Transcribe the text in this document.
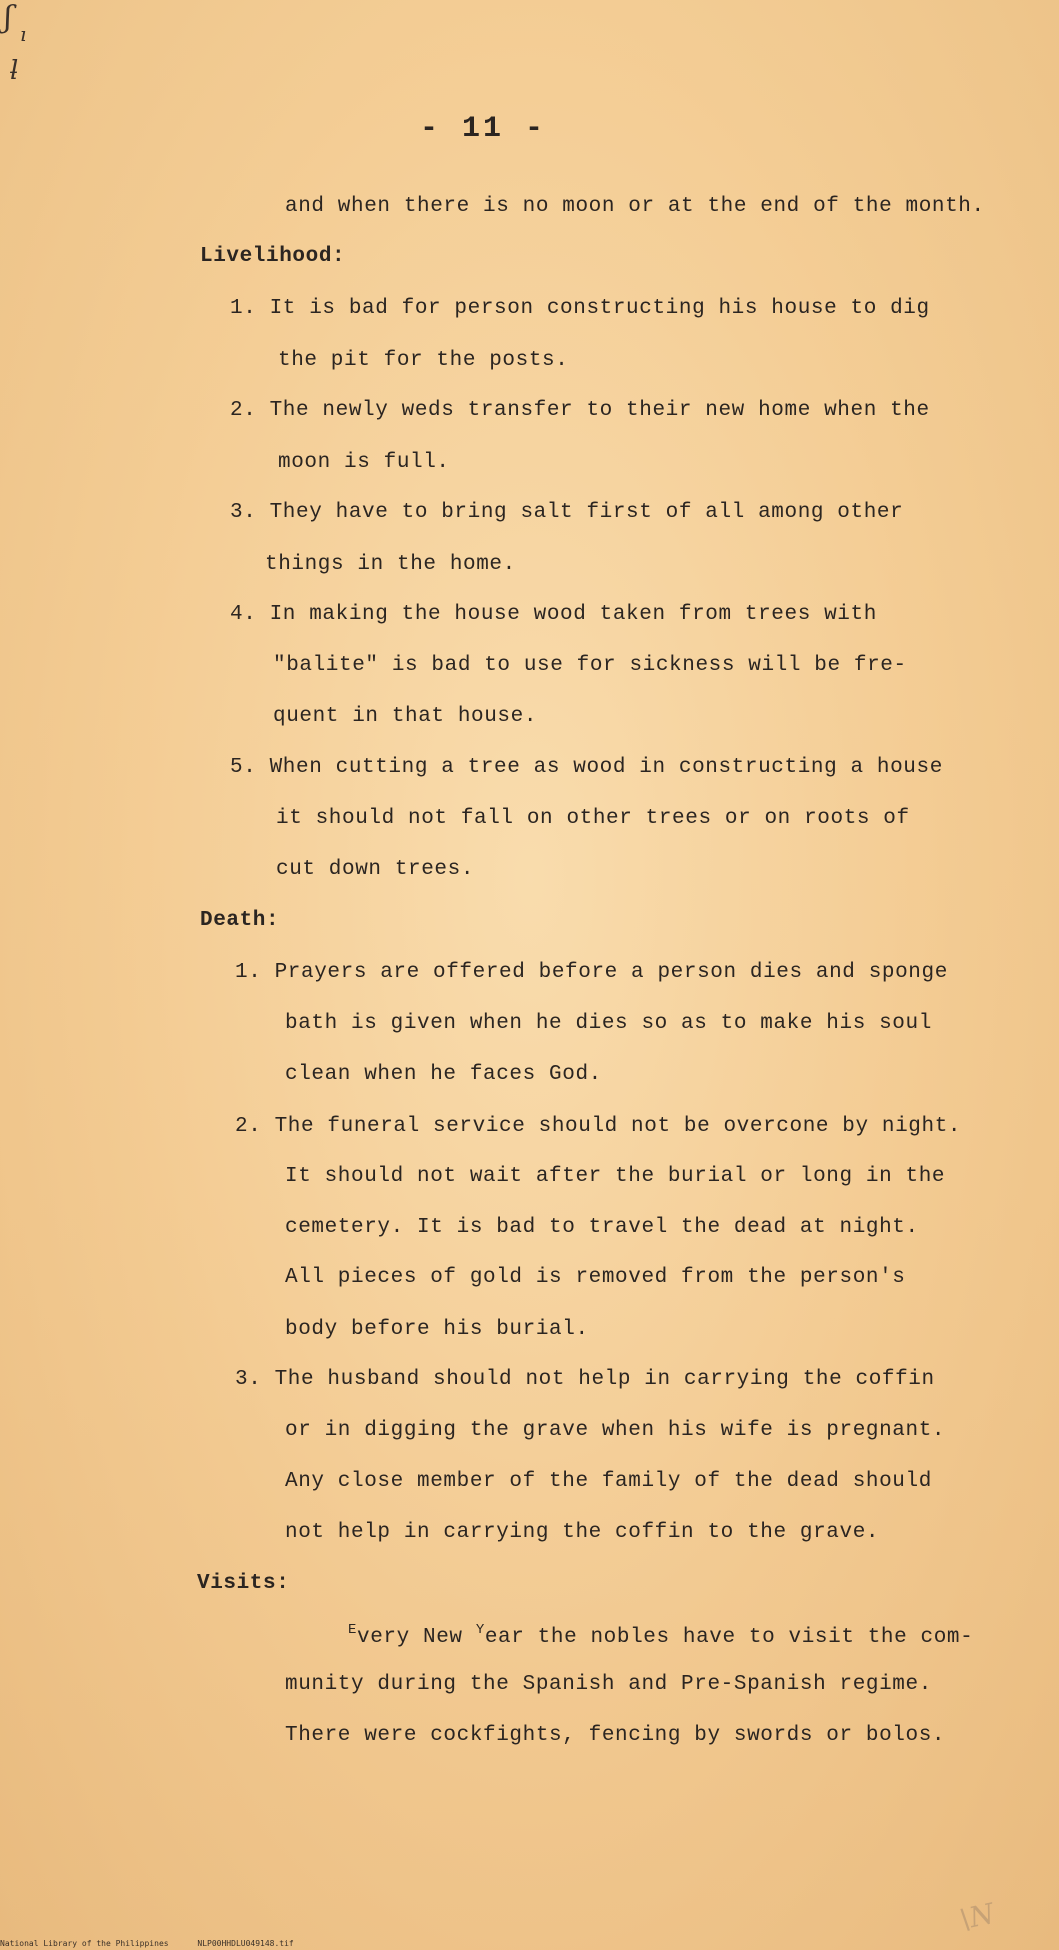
ʃ ı
ƚ
- 11 -
and when there is no moon or at the end of the month.
Livelihood:
1. It is bad for person constructing his house to dig
the pit for the posts.
2. The newly weds transfer to their new home when the
moon is full.
3. They have to bring salt first of all among other
things in the home.
4. In making the house wood taken from trees with
"balite" is bad to use for sickness will be fre-
quent in that house.
5. When cutting a tree as wood in constructing a house
it should not fall on other trees or on roots of
cut down trees.
Death:
1. Prayers are offered before a person dies and sponge
bath is given when he dies so as to make his soul
clean when he faces God.
2. The funeral service should not be overcone by night.
It should not wait after the burial or long in the
cemetery. It is bad to travel the dead at night.
All pieces of gold is removed from the person's
body before his burial.
3. The husband should not help in carrying the coffin
or in digging the grave when his wife is pregnant.
Any close member of the family of the dead should
not help in carrying the coffin to the grave.
Visits:
$^E$very New $^Y$ear the nobles have to visit the com-
munity during the Spanish and Pre-Spanish regime.
There were cockfights, fencing by swords or bolos.
\N
National Library of the Philippines	NLP00HHDLU049148.tif
